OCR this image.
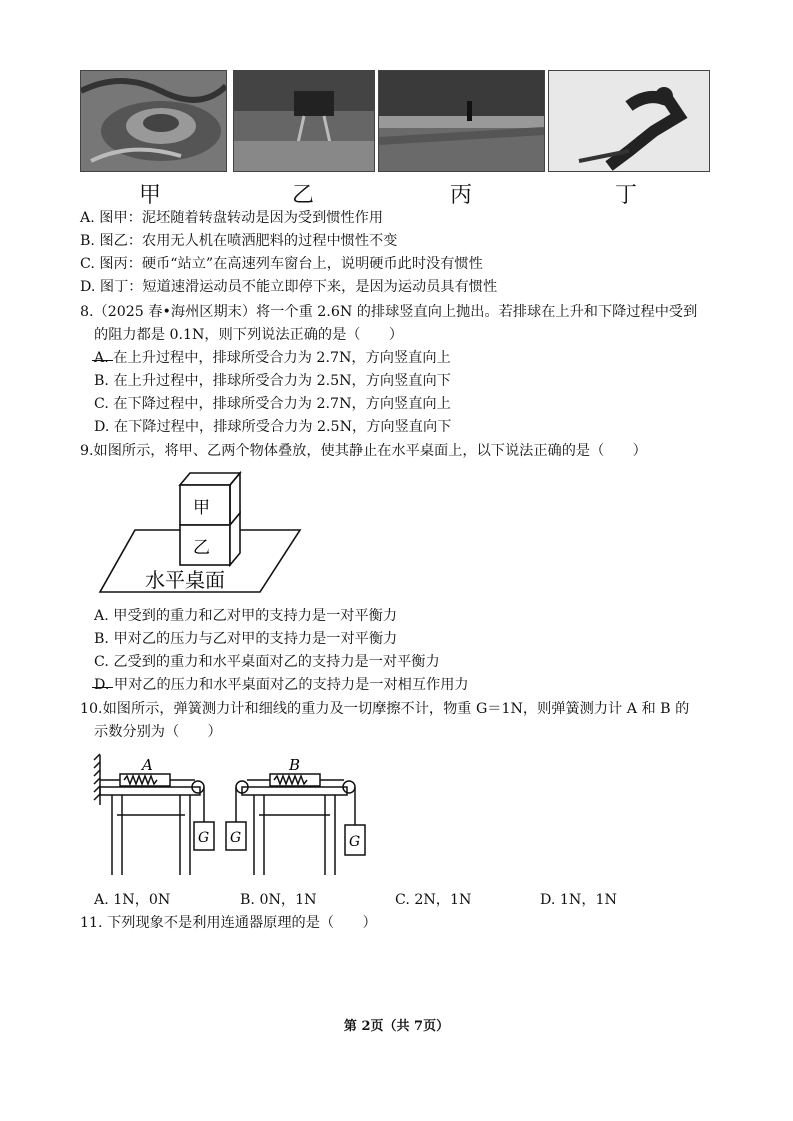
甲	乙	丙	丁
A. 图甲：泥坯随着转盘转动是因为受到惯性作用
B. 图乙：农用无人机在喷洒肥料的过程中惯性不变
C. 图丙：硬币“站立”在高速列车窗台上，说明硬币此时没有惯性
D. 图丁：短道速滑运动员不能立即停下来，是因为运动员具有惯性
8.（2025 春•海州区期末）将一个重 2.6N 的排球竖直向上抛出。若排球在上升和下降过程中受到
的阻力都是 0.1N，则下列说法正确的是（　　）
A. 在上升过程中，排球所受合力为 2.7N，方向竖直向上
B. 在上升过程中，排球所受合力为 2.5N，方向竖直向下
C. 在下降过程中，排球所受合力为 2.7N，方向竖直向上
D. 在下降过程中，排球所受合力为 2.5N，方向竖直向下
9.如图所示，将甲、乙两个物体叠放，使其静止在水平桌面上，以下说法正确的是（　　）
甲
乙
水平桌面
A. 甲受到的重力和乙对甲的支持力是一对平衡力
B. 甲对乙的压力与乙对甲的支持力是一对平衡力
C. 乙受到的重力和水平桌面对乙的支持力是一对平衡力
D. 甲对乙的压力和水平桌面对乙的支持力是一对相互作用力
10.如图所示，弹簧测力计和细线的重力及一切摩擦不计，物重 G＝1N，则弹簧测力计 A 和 B 的
示数分别为（　　）
A	B
G G	G
A. 1N，0N	B. 0N，1N	C. 2N，1N	D. 1N，1N
11. 下列现象不是利用连通器原理的是（　　）
第 2页（共 7页）
